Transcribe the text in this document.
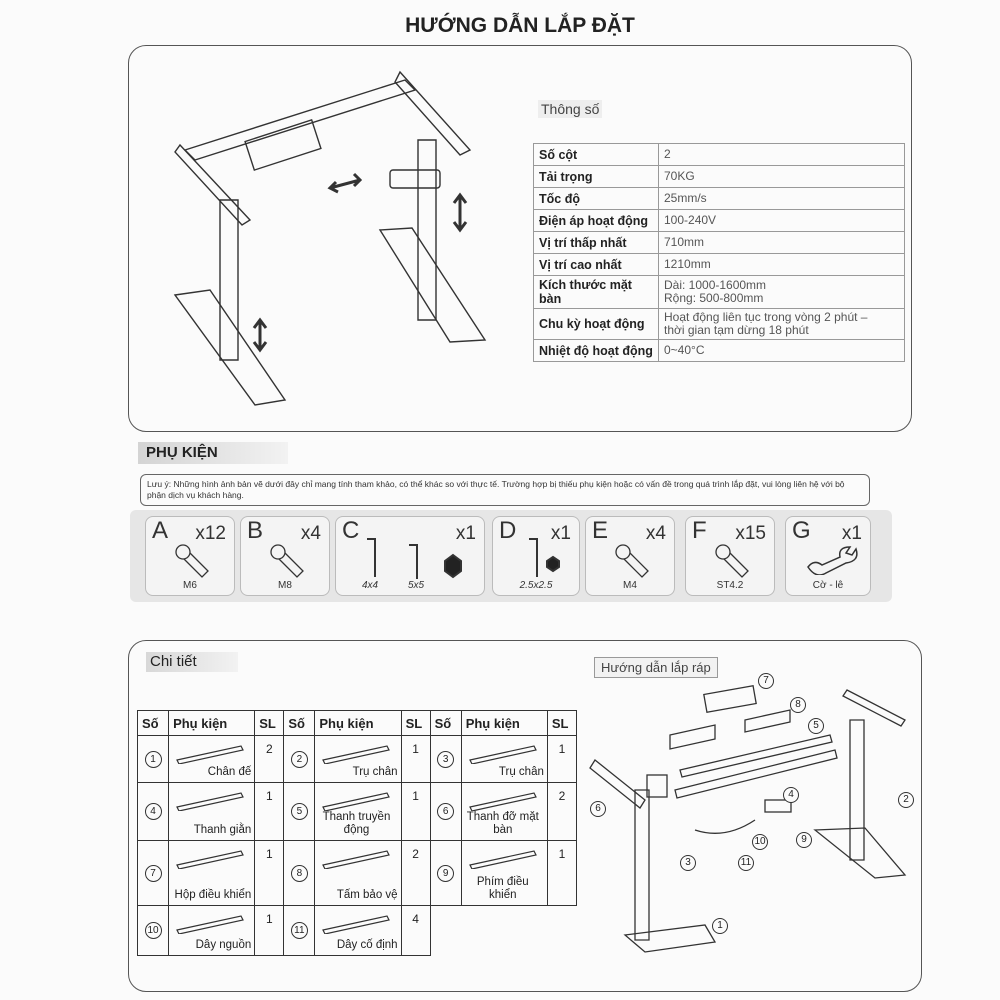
HƯỚNG DẪN LẮP ĐẶT
Thông số
Số cột	2
Tải trọng	70KG
Tốc độ	25mm/s
Điện áp hoạt động	100-240V
Vị trí thấp nhất	710mm
Vị trí cao nhất	1210mm
Kích thước mặt bàn	Dài: 1000-1600mm
Rộng: 500-800mm
Chu kỳ hoạt động	Hoạt động liên tục trong vòng 2 phút –
thời gian tạm dừng 18 phút
Nhiệt độ hoạt động	0~40°C
PHỤ KIỆN
Lưu ý: Những hình ảnh bản vẽ dưới đây chỉ mang tính tham khảo, có thể khác so với thực tế. Trường hợp bị thiếu phụ kiện hoặc có vấn đề trong quá trình lắp đặt, vui lòng liên hệ với bộ phận dịch vụ khách hàng.
A x12
M6
B x4
M8
C	x1
4x4	5x5
D x1
2.5x2.5
E x4
M4
F x15
ST4.2
G x1
Cờ - lê
Chi tiết
Số	Phụ kiện	SL	Số	Phụ kiện	SL	Số	Phụ kiện	SL
1	Chân đế	2	2	Trụ chân	1	3	Trụ chân	1
4	Thanh giằn	1	5	Thanh truyền động	1	6	Thanh đỡ mặt bàn	2
7	Hộp điều khiển	1	8	Tấm bảo vệ	2	9	Phím điều khiển	1
10	Dây nguồn	1	11	Dây cố định	4			
Hướng dẫn lắp ráp
1
2
3
4
5
6
7
8
9
10
11
